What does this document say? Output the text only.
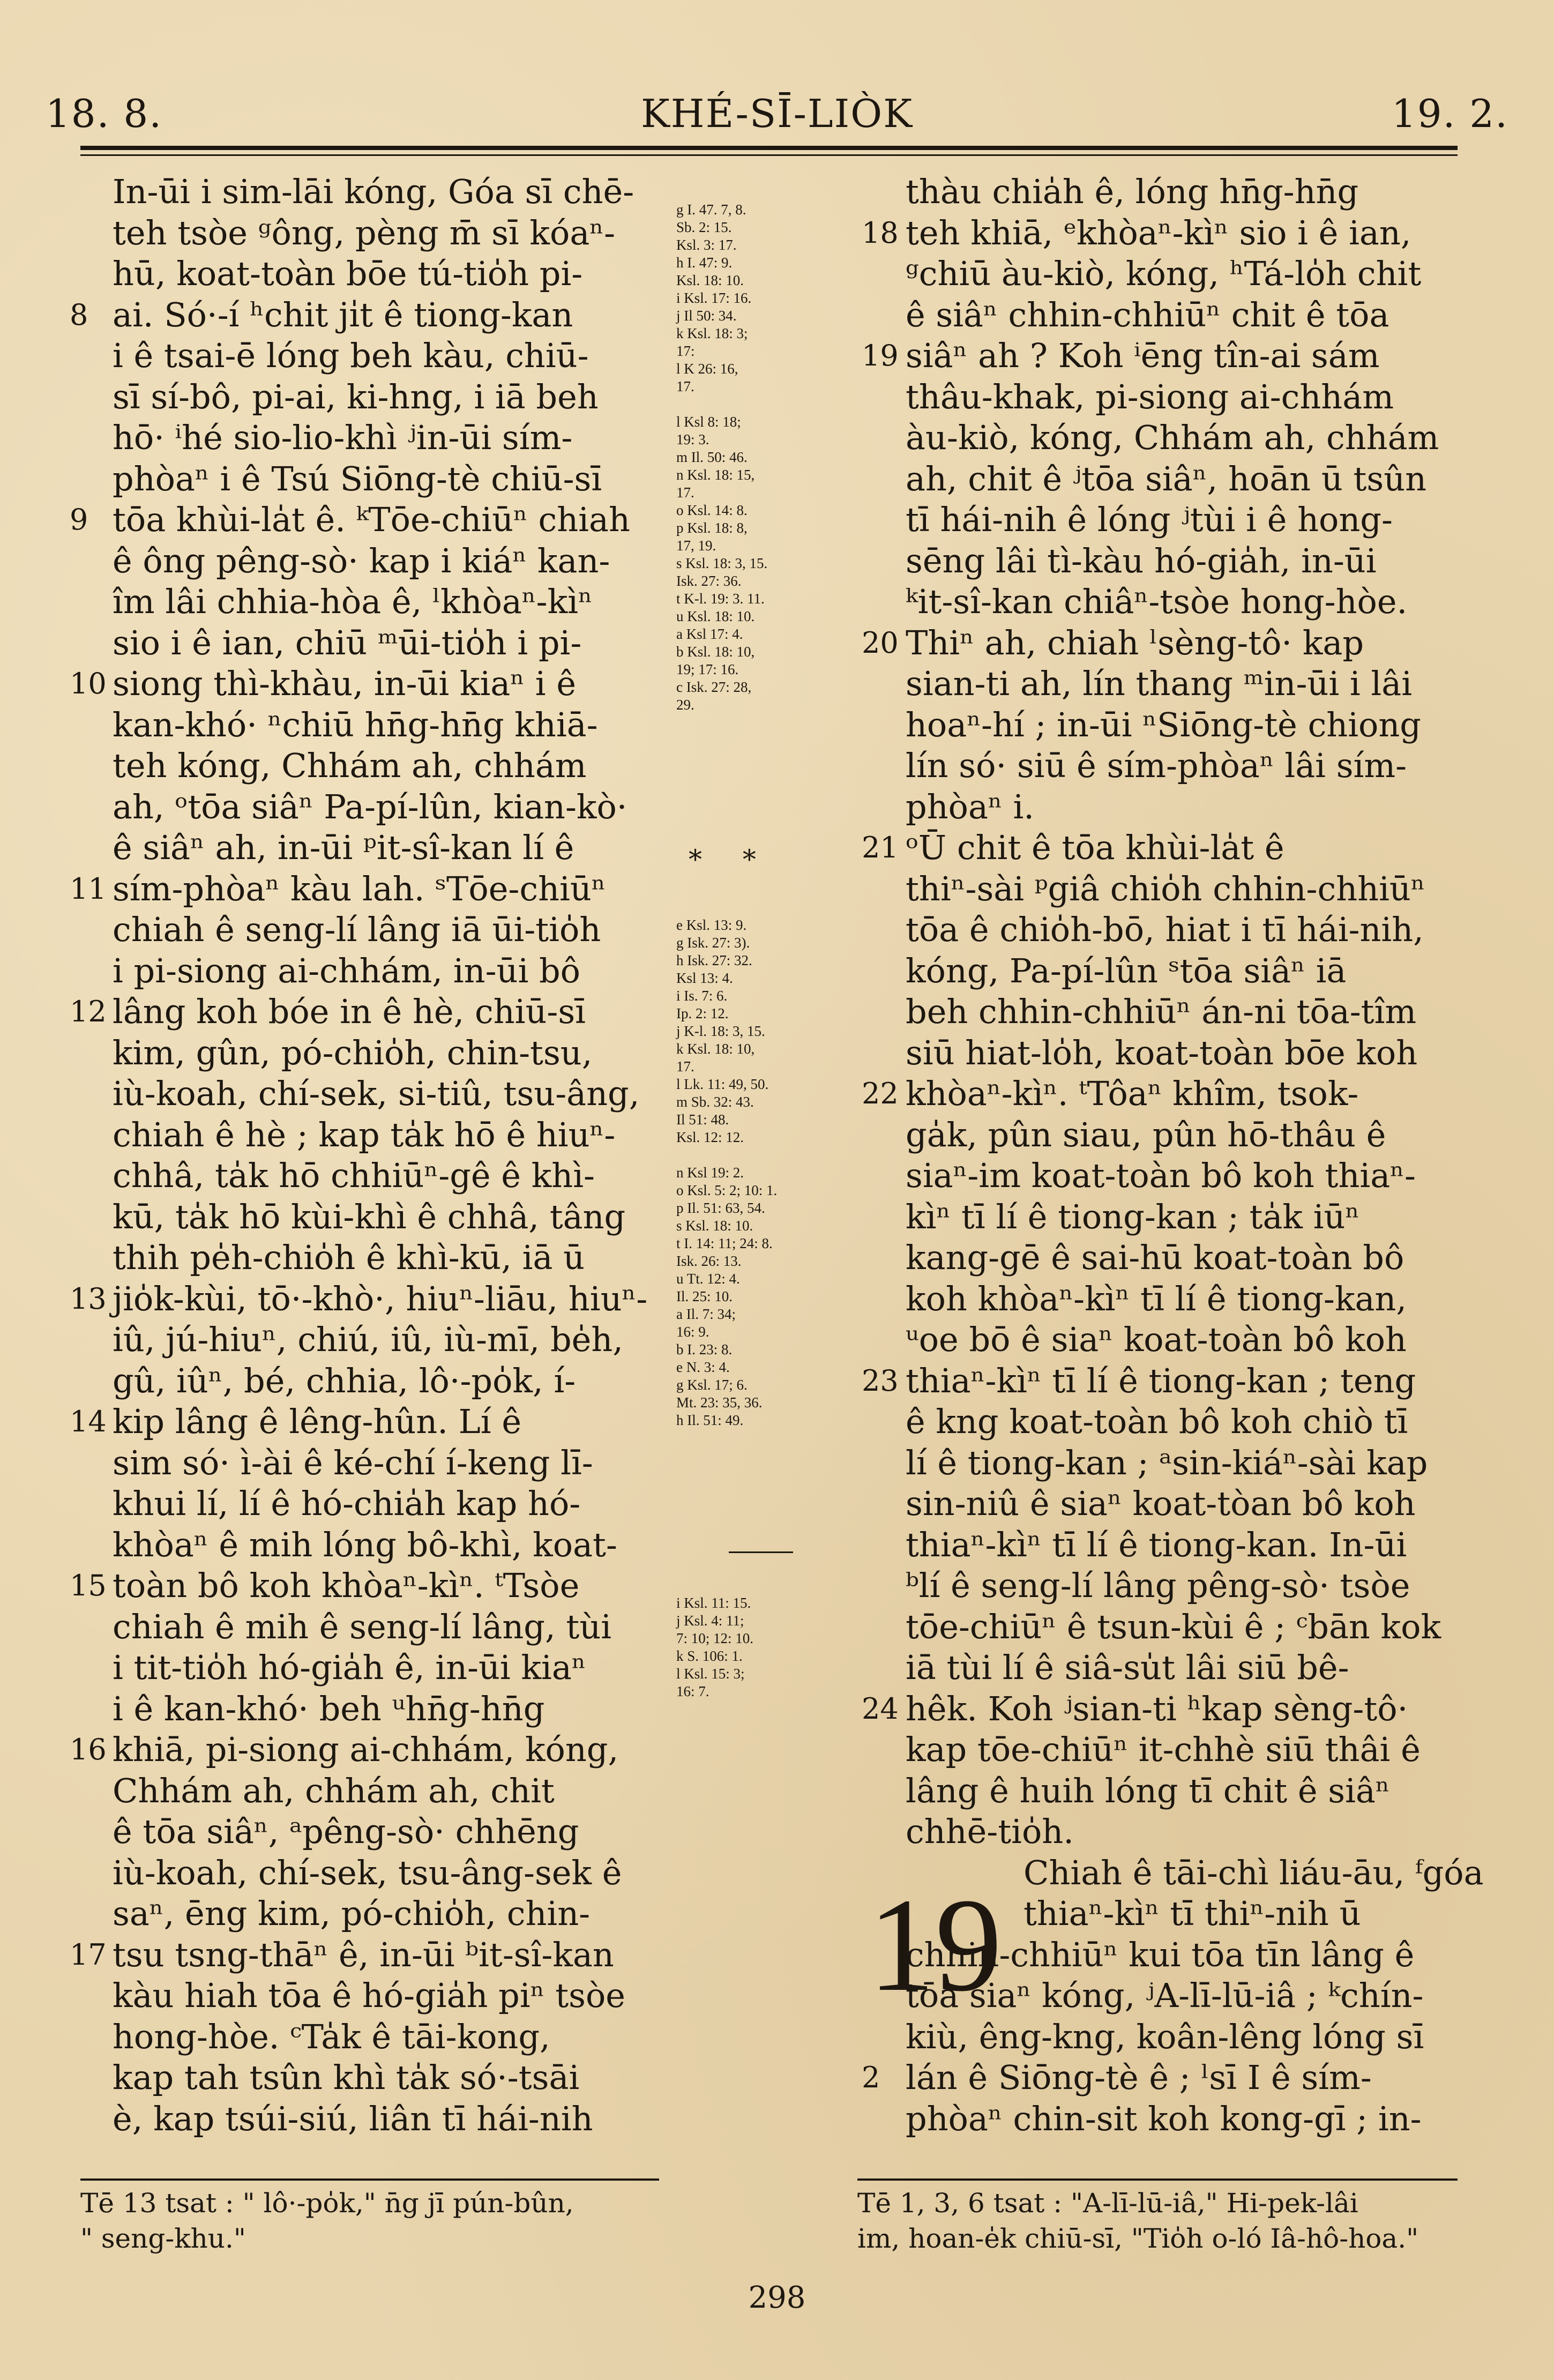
18. 8.	KHÉ-SĪ-LIÒK	19. 2.
In-ūi i sim-lāi kóng, Góa sī chē-
teh tsòe ᵍông, pèng m̄ sī kóaⁿ-
hū, koat-toàn bōe tú-tio̍h pi-
8 ai. Só·-í ʰchit jı̍t ê tiong-kan
i ê tsai-ē lóng beh kàu, chiū-
sī sí-bô, pi-ai, ki-hng, i iā beh
hō· ⁱhé sio-lio-khì ʲin-ūi sím-
phòaⁿ i ê Tsú Siōng-tè chiū-sī
9 tōa khùi-la̍t ê. ᵏTōe-chiūⁿ chiah
ê ông pêng-sò· kap i kiáⁿ kan-
îm lâi chhia-hòa ê, ˡkhòaⁿ-kìⁿ
sio i ê ian, chiū ᵐūi-tio̍h i pi-
10 siong thì-khàu, in-ūi kiaⁿ i ê
kan-khó· ⁿchiū hn̄g-hn̄g khiā-
teh kóng, Chhám ah, chhám
ah, ᵒtōa siâⁿ Pa-pí-lûn, kian-kò·
ê siâⁿ ah, in-ūi ᵖit-sî-kan lí ê
11 sím-phòaⁿ kàu lah. ˢTōe-chiūⁿ
chiah ê seng-lí lâng iā ūi-tio̍h
i pi-siong ai-chhám, in-ūi bô
12 lâng koh bóe in ê hè, chiū-sī
kim, gûn, pó-chio̍h, chin-tsu,
iù-koah, chí-sek, si-tiû, tsu-âng,
chiah ê hè ; kap ta̍k hō ê hiuⁿ-
chhâ, ta̍k hō chhiūⁿ-gê ê khì-
kū, ta̍k hō kùi-khì ê chhâ, tâng
thih pe̍h-chio̍h ê khì-kū, iā ū
13 jio̍k-kùi, tō·-khò·, hiuⁿ-liāu, hiuⁿ-
iû, jú-hiuⁿ, chiú, iû, iù-mī, be̍h,
gû, iûⁿ, bé, chhia, lô·-po̍k, í-
14 kip lâng ê lêng-hûn. Lí ê
sim só· ì-ài ê ké-chí í-keng lī-
khui lí, lí ê hó-chia̍h kap hó-
khòaⁿ ê mih lóng bô-khì, koat-
15 toàn bô koh khòaⁿ-kìⁿ. ᵗTsòe
chiah ê mih ê seng-lí lâng, tùi
i tit-tio̍h hó-gia̍h ê, in-ūi kiaⁿ
i ê kan-khó· beh ᵘhn̄g-hn̄g
16 khiā, pi-siong ai-chhám, kóng,
Chhám ah, chhám ah, chit
ê tōa siâⁿ, ᵃpêng-sò· chhēng
iù-koah, chí-sek, tsu-âng-sek ê
saⁿ, ēng kim, pó-chio̍h, chin-
17 tsu tsng-thāⁿ ê, in-ūi ᵇit-sî-kan
kàu hiah tōa ê hó-gia̍h piⁿ tsòe
hong-hòe. ᶜTa̍k ê tāi-kong,
kap tah tsûn khì ta̍k só·-tsāi
è, kap tsúi-siú, liân tī hái-nih
g I. 47. 7, 8.
Sb. 2: 15.
Ksl. 3: 17.
h I. 47: 9.
Ksl. 18: 10.
i Ksl. 17: 16.
j Il 50: 34.
k Ksl. 18: 3;
17:
l K 26: 16,
17.
l Ksl 8: 18;
19: 3.
m Il. 50: 46.
n Ksl. 18: 15,
17.
o Ksl. 14: 8.
p Ksl. 18: 8,
17, 19.
s Ksl. 18: 3, 15.
Isk. 27: 36.
t K-l. 19: 3. 11.
u Ksl. 18: 10.
a Ksl 17: 4.
b Ksl. 18: 10,
19; 17: 16.
c Isk. 27: 28,
29.
* *
e Ksl. 13: 9.
g Isk. 27: 3).
h Isk. 27: 32.
Ksl 13: 4.
i Is. 7: 6.
Ip. 2: 12.
j K-l. 18: 3, 15.
k Ksl. 18: 10,
17.
l Lk. 11: 49, 50.
m Sb. 32: 43.
Il 51: 48.
Ksl. 12: 12.
n Ksl 19: 2.
o Ksl. 5: 2; 10: 1.
p Il. 51: 63, 54.
s Ksl. 18: 10.
t I. 14: 11; 24: 8.
Isk. 26: 13.
u Tt. 12: 4.
Il. 25: 10.
a Il. 7: 34;
16: 9.
b I. 23: 8.
e N. 3: 4.
g Ksl. 17; 6.
Mt. 23: 35, 36.
h Il. 51: 49.
i Ksl. 11: 15.
j Ksl. 4: 11;
7: 10; 12: 10.
k S. 106: 1.
l Ksl. 15: 3;
16: 7.
thàu chia̍h ê, lóng hn̄g-hn̄g
18 teh khiā, ᵉkhòaⁿ-kìⁿ sio i ê ian,
ᵍchiū àu-kiò, kóng, ʰTá-lo̍h chit
ê siâⁿ chhin-chhiūⁿ chit ê tōa
19 siâⁿ ah ? Koh ⁱēng tîn-ai sám
thâu-khak, pi-siong ai-chhám
àu-kiò, kóng, Chhám ah, chhám
ah, chit ê ʲtōa siâⁿ, hoān ū tsûn
tī hái-nih ê lóng ʲtùi i ê hong-
sēng lâi tì-kàu hó-gia̍h, in-ūi
ᵏit-sî-kan chiâⁿ-tsòe hong-hòe.
20 Thiⁿ ah, chiah ˡsèng-tô· kap
sian-ti ah, lín thang ᵐin-ūi i lâi
hoaⁿ-hí ; in-ūi ⁿSiōng-tè chiong
lín só· siū ê sím-phòaⁿ lâi sím-
phòaⁿ i.
21 ᵒŪ chit ê tōa khùi-la̍t ê
thiⁿ-sài ᵖgiâ chio̍h chhin-chhiūⁿ
tōa ê chio̍h-bō, hiat i tī hái-nih,
kóng, Pa-pí-lûn ˢtōa siâⁿ iā
beh chhin-chhiūⁿ án-ni tōa-tîm
siū hiat-lo̍h, koat-toàn bōe koh
22 khòaⁿ-kìⁿ. ᵗTôaⁿ khîm, tsok-
ga̍k, pûn siau, pûn hō-thâu ê
siaⁿ-im koat-toàn bô koh thiaⁿ-
kìⁿ tī lí ê tiong-kan ; ta̍k iūⁿ
kang-gē ê sai-hū koat-toàn bô
koh khòaⁿ-kìⁿ tī lí ê tiong-kan,
ᵘoe bō ê siaⁿ koat-toàn bô koh
23 thiaⁿ-kìⁿ tī lí ê tiong-kan ; teng
ê kng koat-toàn bô koh chiò tī
lí ê tiong-kan ; ᵃsin-kiáⁿ-sài kap
sin-niû ê siaⁿ koat-tòan bô koh
thiaⁿ-kìⁿ tī lí ê tiong-kan. In-ūi
ᵇlí ê seng-lí lâng pêng-sò· tsòe
tōe-chiūⁿ ê tsun-kùi ê ; ᶜbān kok
iā tùi lí ê siâ-su̍t lâi siū bê-
24 hêk. Koh ʲsian-ti ʰkap sèng-tô·
kap tōe-chiūⁿ it-chhè siū thâi ê
lâng ê huih lóng tī chit ê siâⁿ
chhē-tio̍h.
Chiah ê tāi-chì liáu-āu, ᶠgóa
thiaⁿ-kìⁿ tī thiⁿ-nih ū
chhin-chhiūⁿ kui tōa tīn lâng ê
tōa siaⁿ kóng, ʲA-lī-lū-iâ ; ᵏchín-
kiù, êng-kng, koân-lêng lóng sī
2 lán ê Siōng-tè ê ; ˡsī I ê sím-
phòaⁿ chin-sit koh kong-gī ; in-
19
Tē 13 tsat : " lô·-po̍k," n̄g jī pún-bûn,
" seng-khu."
Tē 1, 3, 6 tsat : "A-lī-lū-iâ," Hi-pek-lâi
im, hoan-e̍k chiū-sī, "Tio̍h o-ló Iâ-hô-hoa."
298
